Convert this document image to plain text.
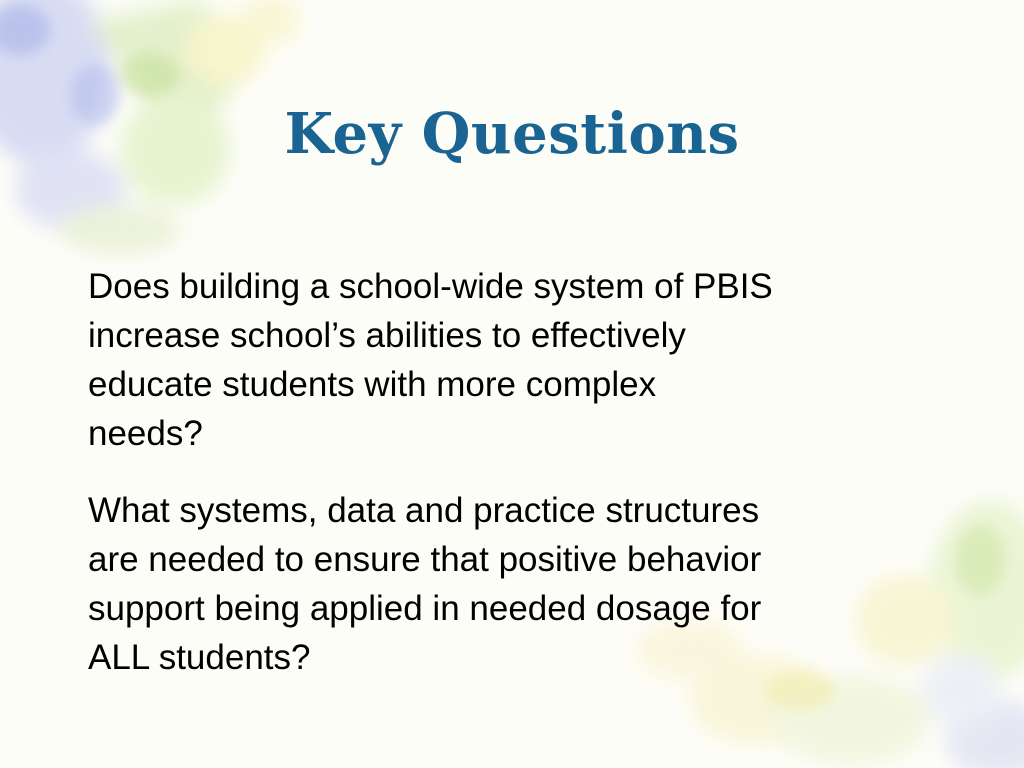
Key Questions

Does building a school-wide system of PBIS
increase school’s abilities to effectively
educate students with more complex
needs?

What systems, data and practice structures
are needed to ensure that positive behavior
support being applied in needed dosage for
ALL students?
